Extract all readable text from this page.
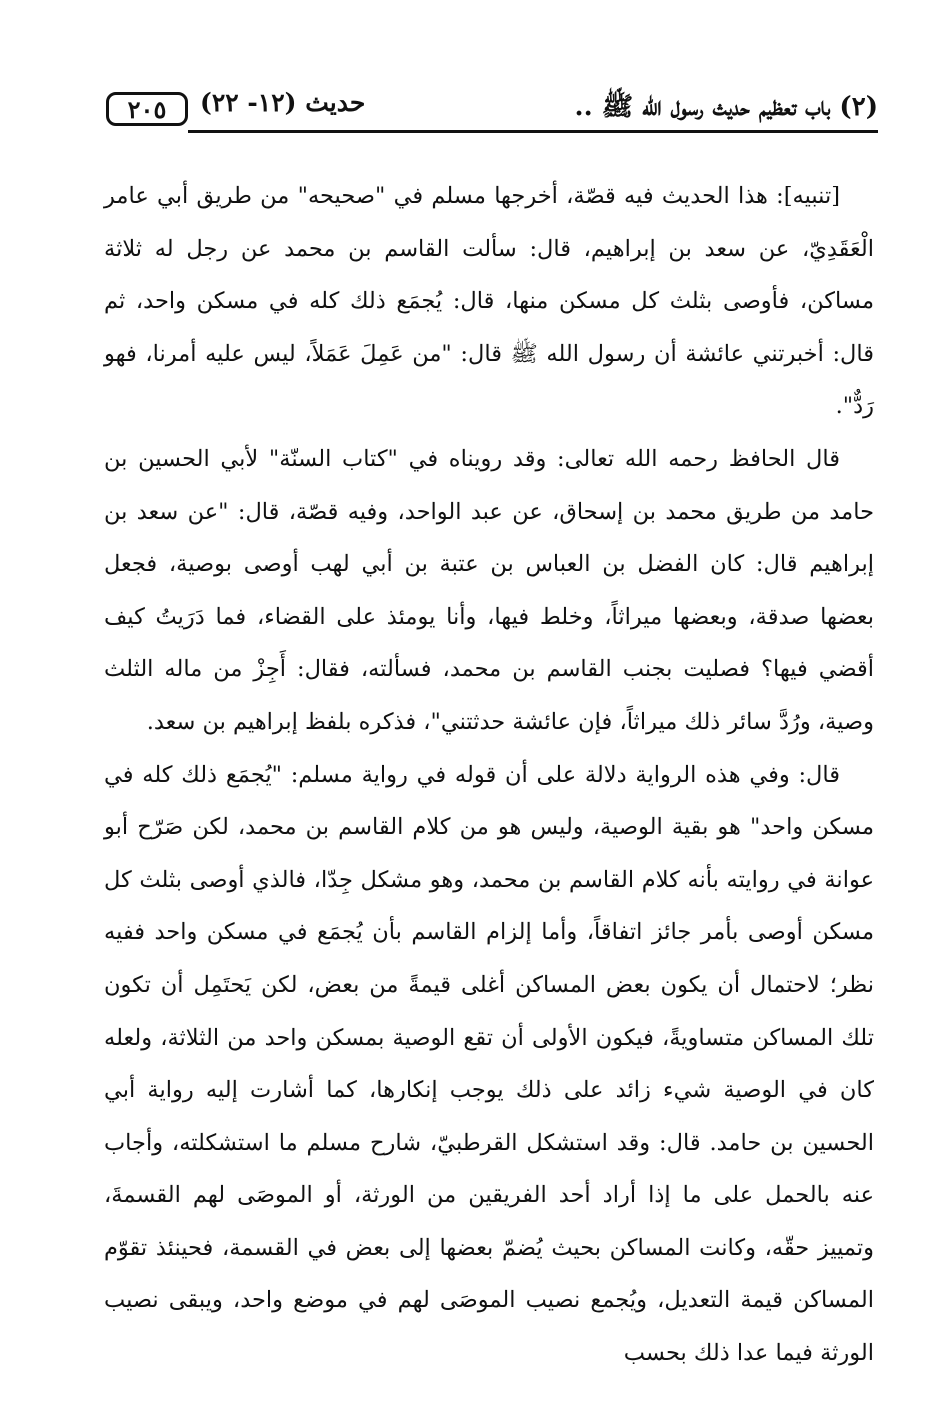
٢٠٥	حديث (١٢- ٢٢)	(٢) باب تعظيم حديث رسول الله ﷺ ..

[تنبيه]: هذا الحديث فيه قصّة، أخرجها مسلم في "صحيحه" من طريق أبي عامر الْعَقَدِيّ، عن سعد بن إبراهيم، قال: سألت القاسم بن محمد عن رجل له ثلاثة مساكن، فأوصى بثلث كل مسكن منها، قال: يُجمَع ذلك كله في مسكن واحد، ثم قال: أخبرتني عائشة أن رسول الله ﷺ قال: "من عَمِلَ عَمَلاً، ليس عليه أمرنا، فهو رَدٌّ".

قال الحافظ رحمه الله تعالى: وقد رويناه في "كتاب السنّة" لأبي الحسين بن حامد من طريق محمد بن إسحاق، عن عبد الواحد، وفيه قصّة، قال: "عن سعد بن إبراهيم قال: كان الفضل بن العباس بن عتبة بن أبي لهب أوصى بوصية، فجعل بعضها صدقة، وبعضها ميراثاً، وخلط فيها، وأنا يومئذ على القضاء، فما دَرَيتُ كيف أقضي فيها؟ فصليت بجنب القاسم بن محمد، فسألته، فقال: أَجِزْ من ماله الثلث وصية، ورُدَّ سائر ذلك ميراثاً، فإن عائشة حدثتني"، فذكره بلفظ إبراهيم بن سعد.

قال: وفي هذه الرواية دلالة على أن قوله في رواية مسلم: "يُجمَع ذلك كله في مسكن واحد" هو بقية الوصية، وليس هو من كلام القاسم بن محمد، لكن صَرّح أبو عوانة في روايته بأنه كلام القاسم بن محمد، وهو مشكل جِدّا، فالذي أوصى بثلث كل مسكن أوصى بأمر جائز اتفاقاً، وأما إلزام القاسم بأن يُجمَع في مسكن واحد ففيه نظر؛ لاحتمال أن يكون بعض المساكن أغلى قيمةً من بعض، لكن يَحتَمِل أن تكون تلك المساكن متساويةً، فيكون الأولى أن تقع الوصية بمسكن واحد من الثلاثة، ولعله كان في الوصية شيء زائد على ذلك يوجب إنكارها، كما أشارت إليه رواية أبي الحسين بن حامد. قال: وقد استشكل القرطبيّ، شارح مسلم ما استشكلته، وأجاب عنه بالحمل على ما إذا أراد أحد الفريقين من الورثة، أو الموصَى لهم القسمةَ، وتمييز حقّه، وكانت المساكن بحيث يُضمّ بعضها إلى بعض في القسمة، فحينئذ تقوّم المساكن قيمة التعديل، ويُجمع نصيب الموصَى لهم في موضع واحد، ويبقى نصيب الورثة فيما عدا ذلك بحسب
